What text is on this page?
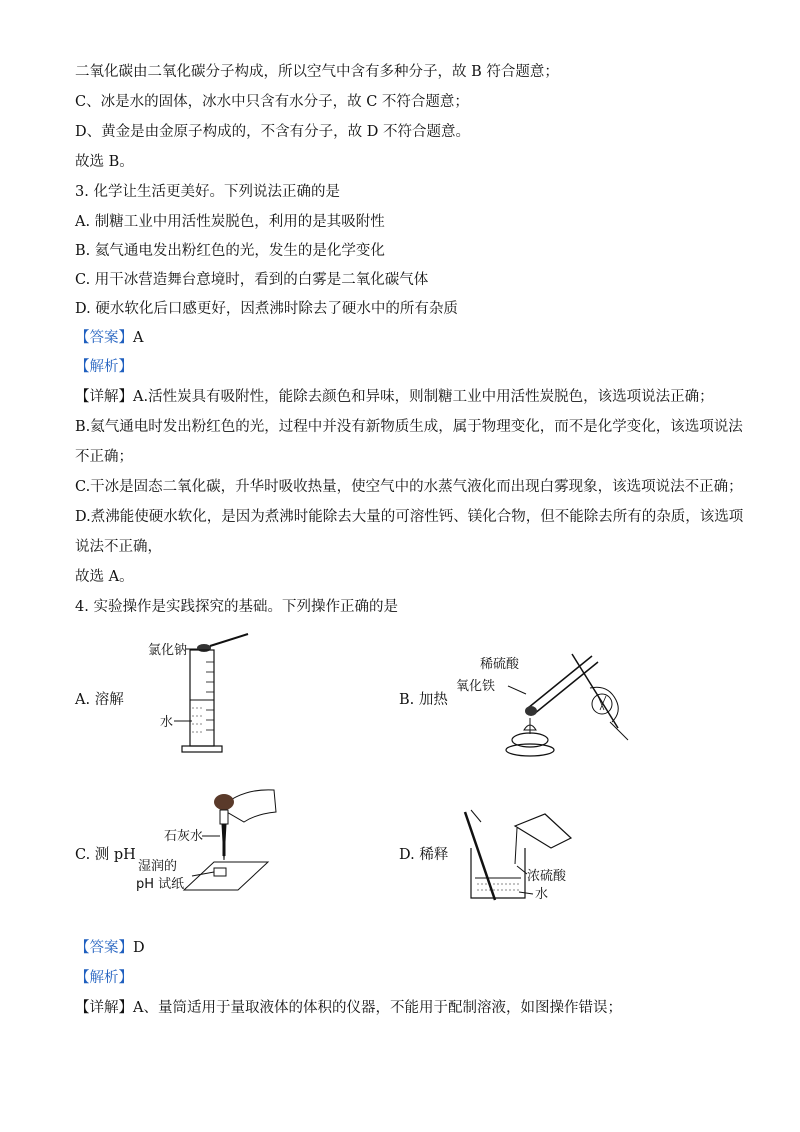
二氧化碳由二氧化碳分子构成，所以空气中含有多种分子，故 B 符合题意；
C、冰是水的固体，冰水中只含有水分子，故 C 不符合题意；
D、黄金是由金原子构成的，不含有分子，故 D 不符合题意。
故选 B。
3. 化学让生活更美好。下列说法正确的是
A. 制糖工业中用活性炭脱色，利用的是其吸附性
B. 氦气通电发出粉红色的光，发生的是化学变化
C. 用干冰营造舞台意境时，看到的白雾是二氧化碳气体
D. 硬水软化后口感更好，因煮沸时除去了硬水中的所有杂质
【答案】A
【解析】
【详解】A.活性炭具有吸附性，能除去颜色和异味，则制糖工业中用活性炭脱色，该选项说法正确；
B.氦气通电时发出粉红色的光，过程中并没有新物质生成，属于物理变化，而不是化学变化，该选项说法
不正确；
C.干冰是固态二氧化碳，升华时吸收热量，使空气中的水蒸气液化而出现白雾现象，该选项说法不正确；
D.煮沸能使硬水软化，是因为煮沸时能除去大量的可溶性钙、镁化合物，但不能除去所有的杂质，该选项
说法不正确，
故选 A。
4. 实验操作是实践探究的基础。下列操作正确的是
A. 溶解
氯化钠
水
B. 加热
稀硫酸
氧化铁
C. 测 pH
石灰水
湿润的
pH 试纸
D. 稀释
浓硫酸
水
【答案】D
【解析】
【详解】A、量筒适用于量取液体的体积的仪器，不能用于配制溶液，如图操作错误；
